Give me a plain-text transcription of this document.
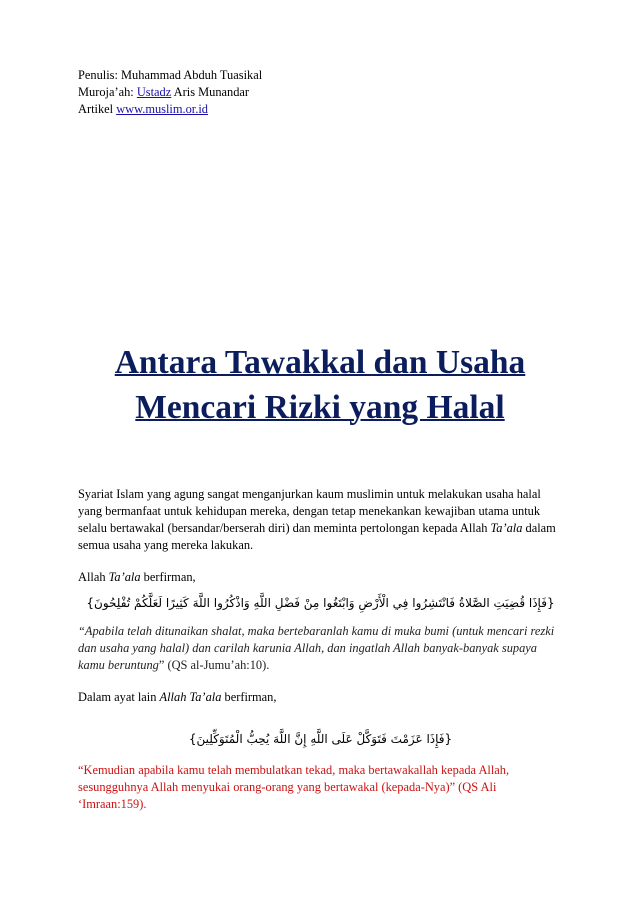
Penulis: Muhammad Abduh Tuasikal
Muroja’ah: Ustadz Aris Munandar
Artikel www.muslim.or.id
Antara Tawakkal dan Usaha
Mencari Rizki yang Halal
Syariat Islam yang agung sangat menganjurkan kaum muslimin untuk melakukan usaha halal yang bermanfaat untuk kehidupan mereka, dengan tetap menekankan kewajiban utama untuk selalu bertawakal (bersandar/berserah diri) dan meminta pertolongan kepada Allah Ta’ala dalam semua usaha yang mereka lakukan.
Allah Ta’ala berfirman,
{فَإِذَا قُضِيَتِ الصَّلاةُ فَانْتَشِرُوا فِي الْأَرْضِ وَابْتَغُوا مِنْ فَضْلِ اللَّهِ وَاذْكُرُوا اللَّهَ كَثِيرًا لَعَلَّكُمْ تُفْلِحُونَ}
“Apabila telah ditunaikan shalat, maka bertebaranlah kamu di muka bumi (untuk mencari rezki dan usaha yang halal) dan carilah karunia Allah, dan ingatlah Allah banyak-banyak supaya kamu beruntung” (QS al-Jumu’ah:10).
Dalam ayat lain Allah Ta’ala berfirman,
{فَإِذَا عَزَمْتَ فَتَوَكَّلْ عَلَى اللَّهِ إِنَّ اللَّهَ يُحِبُّ الْمُتَوَكِّلِينَ}
“Kemudian apabila kamu telah membulatkan tekad, maka bertawakallah kepada Allah, sesungguhnya Allah menyukai orang-orang yang bertawakal (kepada-Nya)” (QS Ali ‘Imraan:159).
